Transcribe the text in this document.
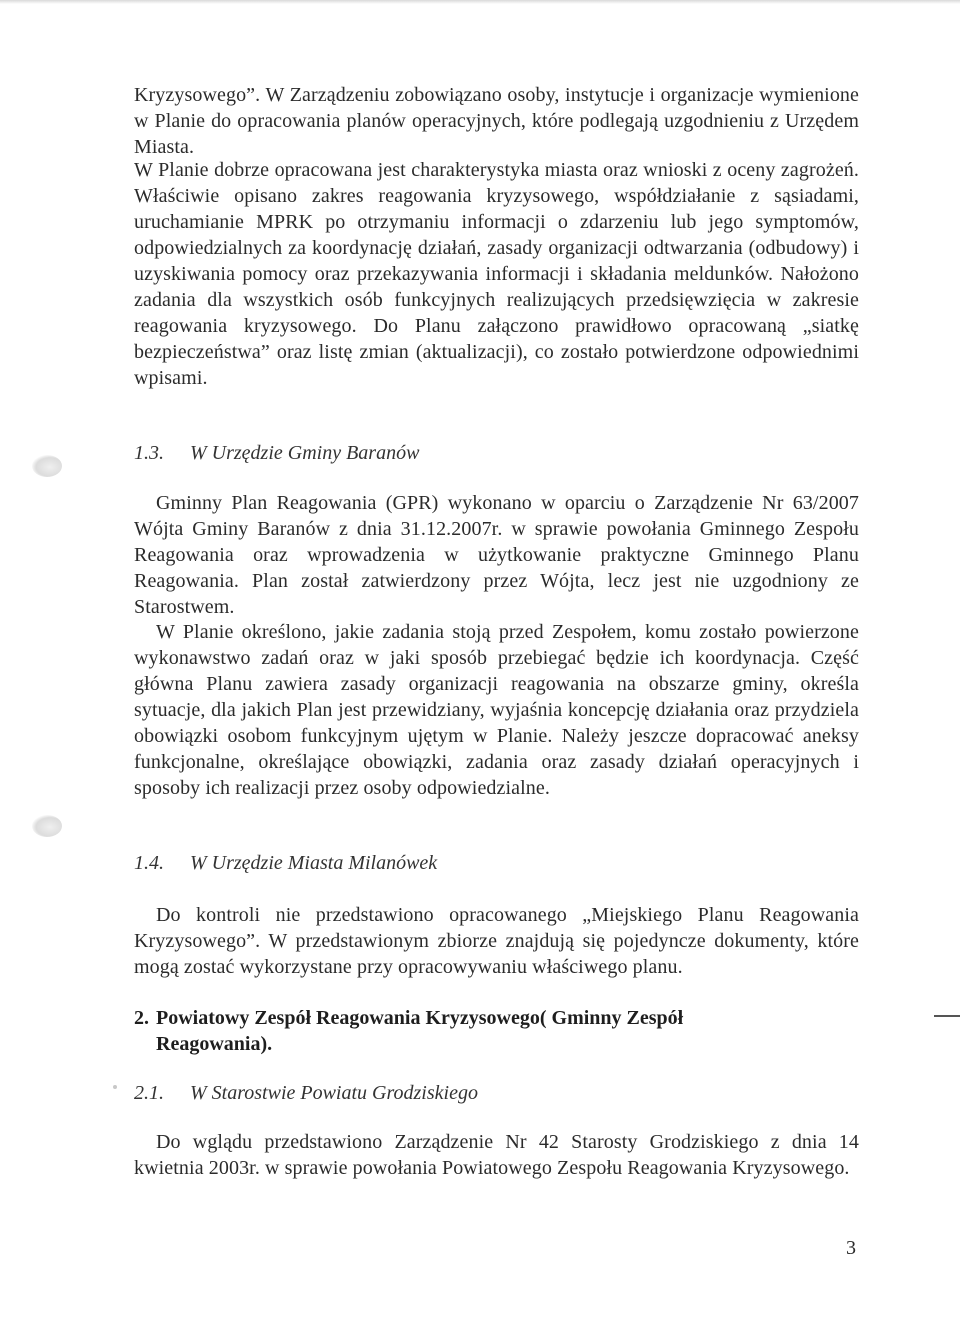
Kryzysowego”. W Zarządzeniu zobowiązano osoby, instytucje i organizacje wymienione w Planie do opracowania planów operacyjnych, które podlegają uzgodnieniu z Urzędem Miasta.

W Planie dobrze opracowana jest charakterystyka miasta oraz wnioski z oceny zagrożeń. Właściwie opisano zakres reagowania kryzysowego, współdziałanie z sąsiadami, uruchamianie MPRK po otrzymaniu informacji o zdarzeniu lub jego symptomów, odpowiedzialnych za koordynację działań, zasady organizacji odtwarzania (odbudowy) i uzyskiwania pomocy oraz przekazywania informacji i składania meldunków. Nałożono zadania dla wszystkich osób funkcyjnych realizujących przedsięwzięcia w zakresie reagowania kryzysowego. Do Planu załączono prawidłowo opracowaną „siatkę bezpieczeństwa” oraz listę zmian (aktualizacji), co zostało potwierdzone odpowiednimi wpisami.

1.3. W Urzędzie Gminy Baranów

Gminny Plan Reagowania (GPR) wykonano w oparciu o Zarządzenie Nr 63/2007 Wójta Gminy Baranów z dnia 31.12.2007r. w sprawie powołania Gminnego Zespołu Reagowania oraz wprowadzenia w użytkowanie praktyczne Gminnego Planu Reagowania. Plan został zatwierdzony przez Wójta, lecz jest nie uzgodniony ze Starostwem.

W Planie określono, jakie zadania stoją przed Zespołem, komu zostało powierzone wykonawstwo zadań oraz w jaki sposób przebiegać będzie ich koordynacja. Część główna Planu zawiera zasady organizacji reagowania na obszarze gminy, określa sytuacje, dla jakich Plan jest przewidziany, wyjaśnia koncepcję działania oraz przydziela obowiązki osobom funkcyjnym ujętym w Planie. Należy jeszcze dopracować aneksy funkcjonalne, określające obowiązki, zadania oraz zasady działań operacyjnych i sposoby ich realizacji przez osoby odpowiedzialne.

1.4. W Urzędzie Miasta Milanówek

Do kontroli nie przedstawiono opracowanego „Miejskiego Planu Reagowania Kryzysowego”. W przedstawionym zbiorze znajdują się pojedyncze dokumenty, które mogą zostać wykorzystane przy opracowywaniu właściwego planu.

2. Powiatowy Zespół Reagowania Kryzysowego( Gminny Zespół
Reagowania).

2.1. W Starostwie Powiatu Grodziskiego

Do wglądu przedstawiono Zarządzenie Nr 42 Starosty Grodziskiego z dnia 14 kwietnia 2003r. w sprawie powołania Powiatowego Zespołu Reagowania Kryzysowego.

3
